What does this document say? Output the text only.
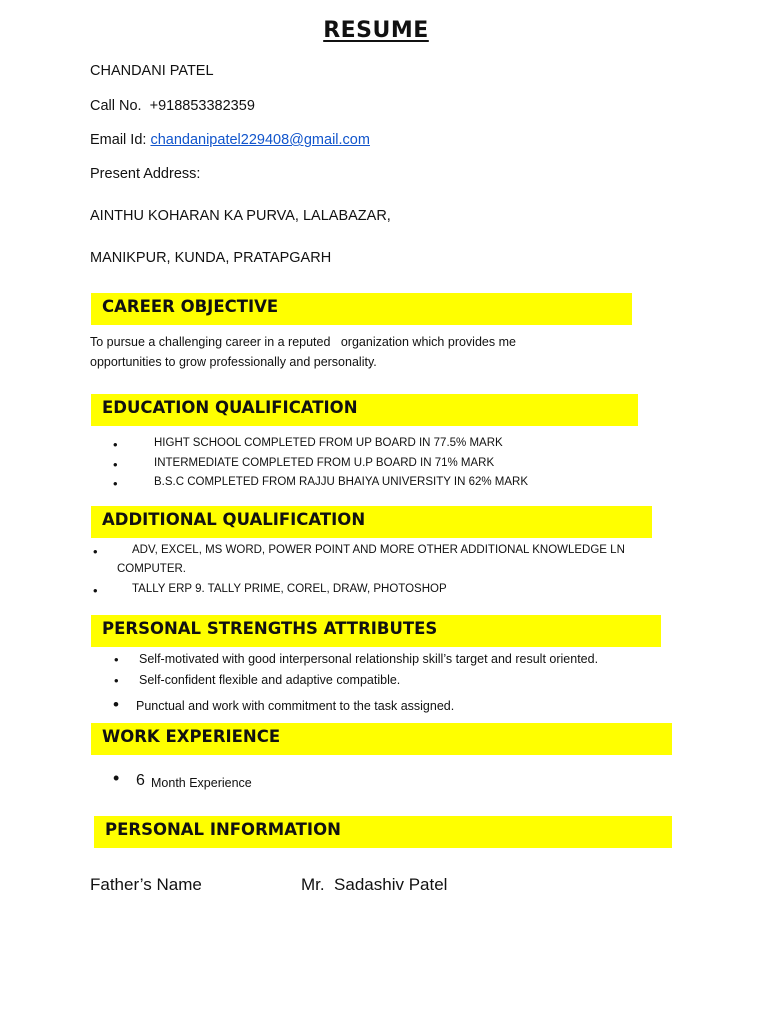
RESUME
CHANDANI PATEL
Call No. +918853382359
Email Id: chandanipatel229408@gmail.com
Present Address:
AINTHU KOHARAN KA PURVA, LALABAZAR,
MANIKPUR, KUNDA, PRATAPGARH
CAREER OBJECTIVE
To pursue a challenging career in a reputed   organization which provides me
opportunities to grow professionally and personality.
EDUCATION QUALIFICATION
•	HIGHT SCHOOL COMPLETED FROM UP BOARD IN 77.5% MARK
•	INTERMEDIATE COMPLETED FROM U.P BOARD IN 71% MARK
•	B.S.C COMPLETED FROM RAJJU BHAIYA UNIVERSITY IN 62% MARK
ADDITIONAL QUALIFICATION
•	ADV, EXCEL, MS WORD, POWER POINT AND MORE OTHER ADDITIONAL KNOWLEDGE LN
COMPUTER.
•	TALLY ERP 9. TALLY PRIME, COREL, DRAW, PHOTOSHOP
PERSONAL STRENGTHS ATTRIBUTES
• Self-motivated with good interpersonal relationship skill’s target and result oriented.
• Self-confident flexible and adaptive compatible.
• Punctual and work with commitment to the task assigned.
WORK EXPERIENCE
• 6 Month Experience
PERSONAL INFORMATION
Father’s Name	Mr.  Sadashiv Patel
